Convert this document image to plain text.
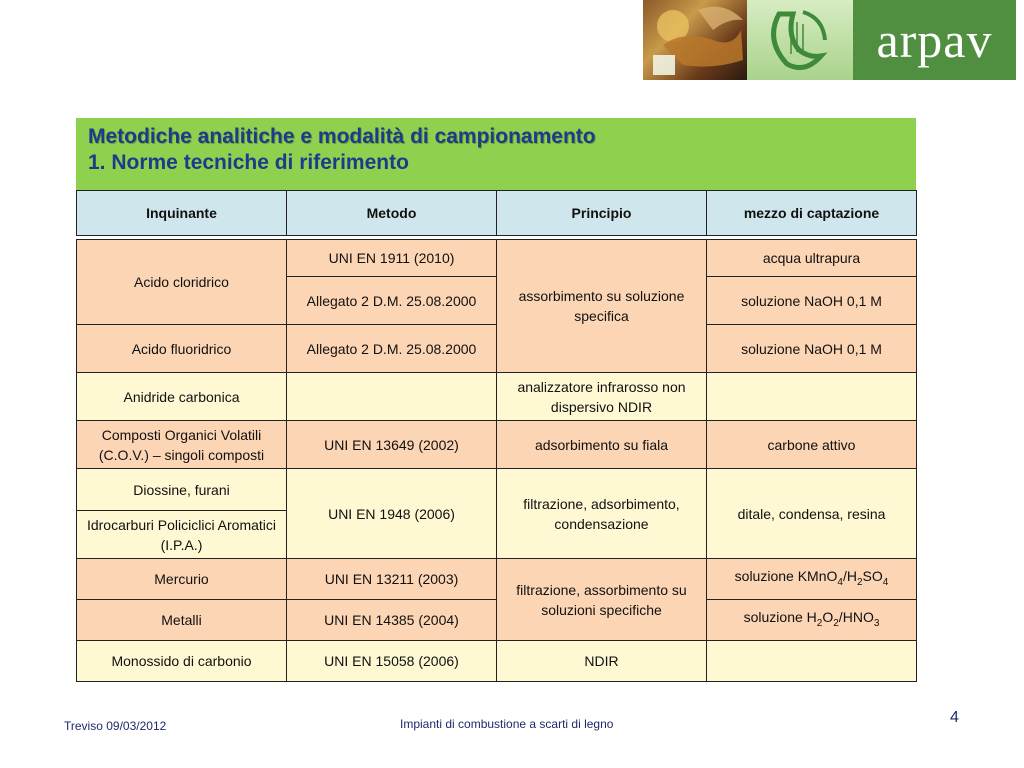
arpav
Metodiche analitiche e modalità di campionamento
1. Norme tecniche di riferimento
Inquinante	Metodo	Principio	mezzo di captazione

Acido cloridrico	UNI EN 1911 (2010)	assorbimento su soluzione specifica	acqua ultrapura
	Allegato 2 D.M. 25.08.2000		soluzione NaOH 0,1 M
Acido fluoridrico	Allegato 2 D.M. 25.08.2000		soluzione NaOH 0,1 M
Anidride carbonica		analizzatore infrarosso non dispersivo NDIR	
Composti Organici Volatili (C.O.V.) – singoli composti	UNI EN 13649 (2002)	adsorbimento su fiala	carbone attivo
Diossine, furani	UNI EN 1948 (2006)	filtrazione, adsorbimento, condensazione	ditale, condensa, resina
Idrocarburi Policiclici Aromatici (I.P.A.)			
Mercurio	UNI EN 13211 (2003)	filtrazione, assorbimento su soluzioni specifiche	soluzione $KMnO_4/H_2SO_4$
Metalli	UNI EN 14385 (2004)		soluzione $H_2O_2/HNO_3$
Monossido di carbonio	UNI EN 15058 (2006)	NDIR	
Treviso 09/03/2012	Impianti di combustione a scarti di legno	4
